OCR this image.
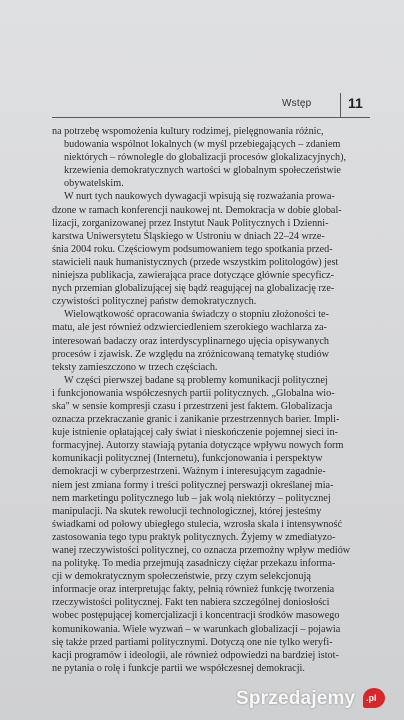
Wstęp	11
na potrzebę wspomożenia kultury rodzimej, pielęgnowania różnic,
budowania wspólnot lokalnych (w myśl przebiegających – zdaniem
niektórych – równolegle do globalizacji procesów glokalizacyjnych),
krzewienia demokratycznych wartości w globalnym społeczeństwie
obywatelskim.
W nurt tych naukowych dywagacji wpisują się rozważania prowa-
dzone w ramach konferencji naukowej nt. Demokracja w dobie global-
lizacji, zorganizowanej przez Instytut Nauk Politycznych i Dzienni-
karstwa Uniwersytetu Śląskiego w Ustroniu w dniach 22–24 wrze-
śnia 2004 roku. Częściowym podsumowaniem tego spotkania przed-
stawicieli nauk humanistycznych (przede wszystkim politologów) jest
niniejsza publikacja, zawierająca prace dotyczące głównie specyficz-
nych przemian globalizującej się bądź reagującej na globalizację rze-
czywistości politycznej państw demokratycznych.
Wielowątkowość opracowania świadczy o stopniu złożoności te-
matu, ale jest również odzwierciedleniem szerokiego wachlarza za-
interesowań badaczy oraz interdyscyplinarnego ujęcia opisywanych
procesów i zjawisk. Ze względu na zróżnicowaną tematykę studiów
teksty zamieszczono w trzech częściach.
W części pierwszej badane są problemy komunikacji politycznej
i funkcjonowania współczesnych partii politycznych. „Globalna wio-
ska" w sensie kompresji czasu i przestrzeni jest faktem. Globalizacja
oznacza przekraczanie granic i zanikanie przestrzennych barier. Impli-
kuje istnienie opłatającej cały świat i nieskończenie pojemnej sieci in-
formacyjnej. Autorzy stawiają pytania dotyczące wpływu nowych form
komunikacji politycznej (Internetu), funkcjonowania i perspektyw
demokracji w cyberprzestrzeni. Ważnym i interesującym zagadnie-
niem jest zmiana formy i treści politycznej perswazji określanej mia-
nem marketingu politycznego lub – jak wolą niektórzy – politycznej
manipulacji. Na skutek rewolucji technologicznej, której jesteśmy
świadkami od połowy ubiegłego stulecia, wzrosła skala i intensywność
zastosowania tego typu praktyk politycznych. Żyjemy w zmediatyzo-
wanej rzeczywistości politycznej, co oznacza przemożny wpływ mediów
na politykę. To media przejmują zasadniczy ciężar przekazu informa-
cji w demokratycznym społeczeństwie, przy czym selekcjonują
informacje oraz interpretując fakty, pełnią również funkcję tworzenia
rzeczywistości politycznej. Fakt ten nabiera szczególnej doniosłości
wobec postępującej komercjalizacji i koncentracji środków masowego
komunikowania. Wiele wyzwań – w warunkach globalizacji – pojawia
się także przed partiami politycznymi. Dotyczą one nie tylko weryfi-
kacji programów i ideologii, ale również odpowiedzi na bardziej istot-
ne pytania o rolę i funkcje partii we współczesnej demokracji.
Sprzedajemy .pl
